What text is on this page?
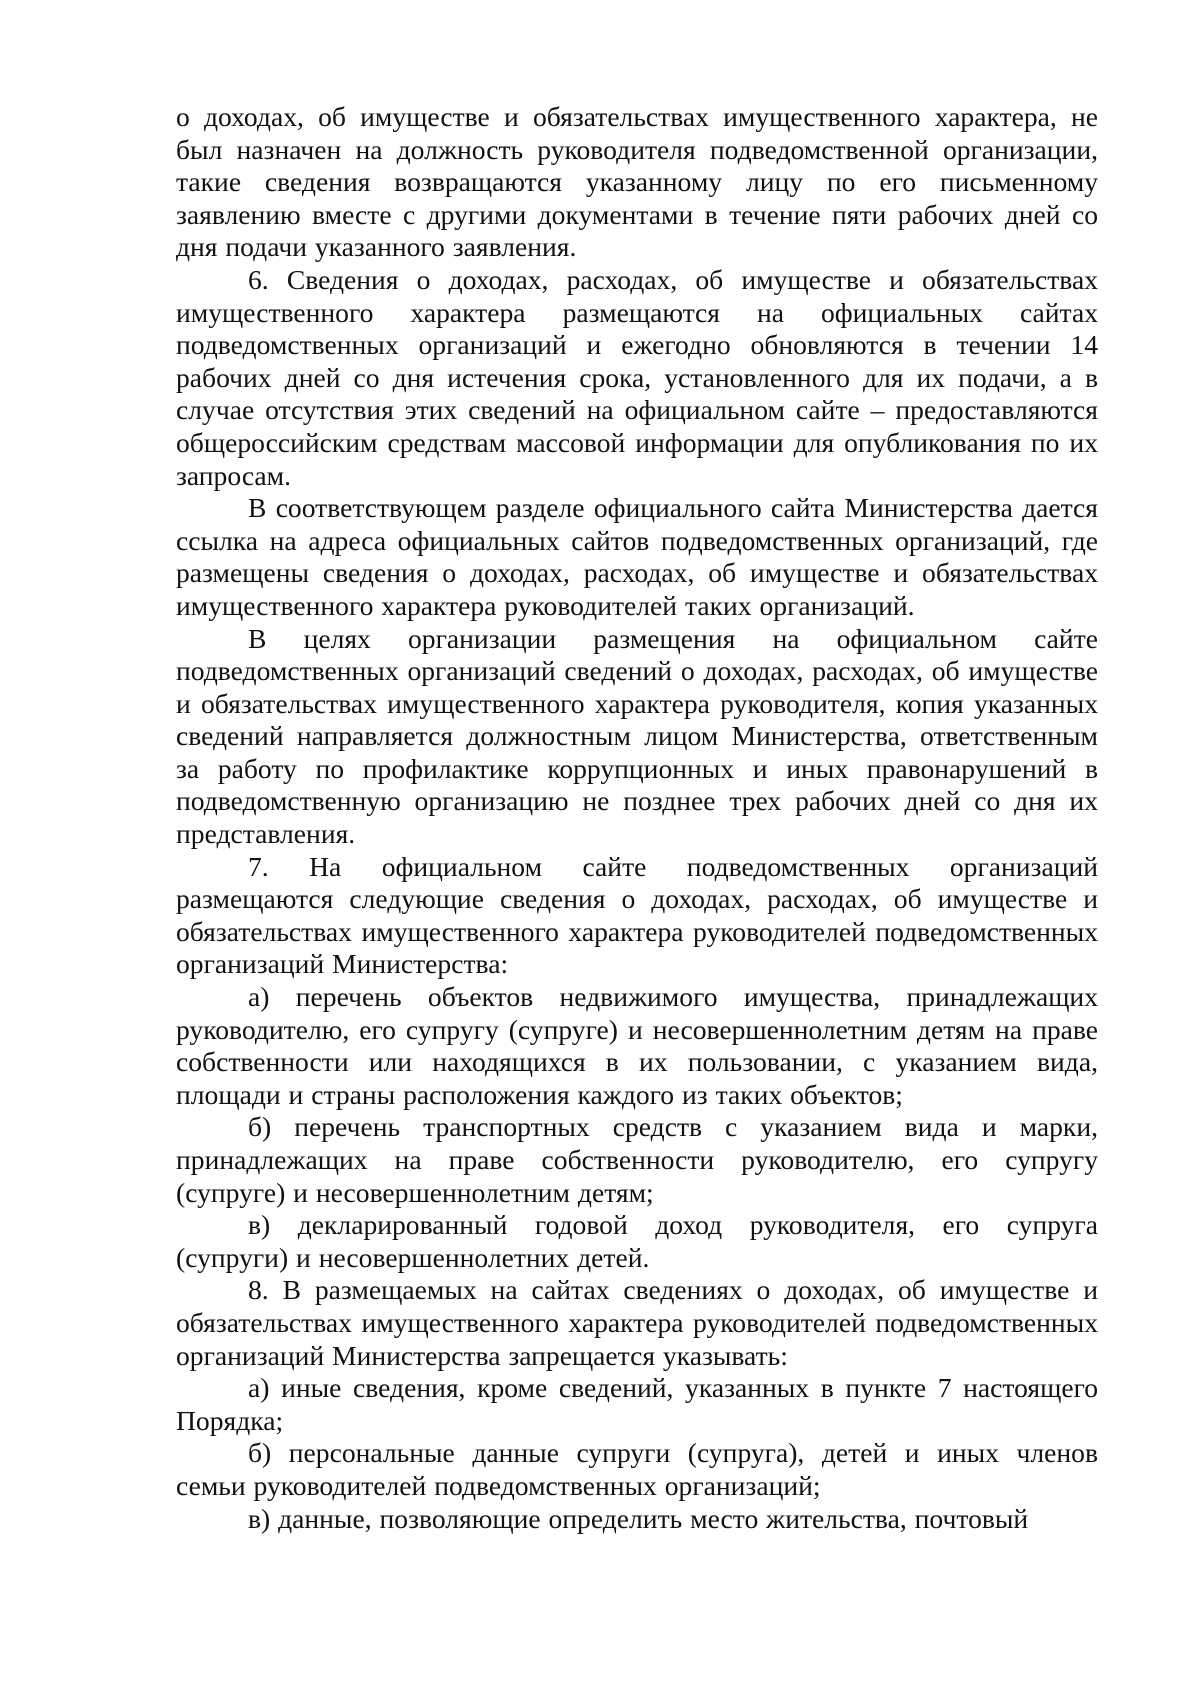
о доходах, об имуществе и обязательствах имущественного характера, не был назначен на должность руководителя подведомственной организации, такие сведения возвращаются указанному лицу по его письменному заявлению вместе с другими документами в течение пяти рабочих дней со дня подачи указанного заявления.

6. Сведения о доходах, расходах, об имуществе и обязательствах имущественного характера размещаются на официальных сайтах подведомственных организаций и ежегодно обновляются в течении 14 рабочих дней со дня истечения срока, установленного для их подачи, а в случае отсутствия этих сведений на официальном сайте – предоставляются общероссийским средствам массовой информации для опубликования по их запросам.

В соответствующем разделе официального сайта Министерства дается ссылка на адреса официальных сайтов подведомственных организаций, где размещены сведения о доходах, расходах, об имуществе и обязательствах имущественного характера руководителей таких организаций.

В целях организации размещения на официальном сайте подведомственных организаций сведений о доходах, расходах, об имуществе и обязательствах имущественного характера руководителя, копия указанных сведений направляется должностным лицом Министерства, ответственным за работу по профилактике коррупционных и иных правонарушений в подведомственную организацию не позднее трех рабочих дней со дня их представления.

7. На официальном сайте подведомственных организаций размещаются следующие сведения о доходах, расходах, об имуществе и обязательствах имущественного характера руководителей подведомственных организаций Министерства:

а) перечень объектов недвижимого имущества, принадлежащих руководителю, его супругу (супруге) и несовершеннолетним детям на праве собственности или находящихся в их пользовании, с указанием вида, площади и страны расположения каждого из таких объектов;

б) перечень транспортных средств с указанием вида и марки, принадлежащих на праве собственности руководителю, его супругу (супруге) и несовершеннолетним детям;

в) декларированный годовой доход руководителя, его супруга (супруги) и несовершеннолетних детей.

8. В размещаемых на сайтах сведениях о доходах, об имуществе и обязательствах имущественного характера руководителей подведомственных организаций Министерства запрещается указывать:

а) иные сведения, кроме сведений, указанных в пункте 7 настоящего Порядка;

б) персональные данные супруги (супруга), детей и иных членов семьи руководителей подведомственных организаций;

в) данные, позволяющие определить место жительства, почтовый
